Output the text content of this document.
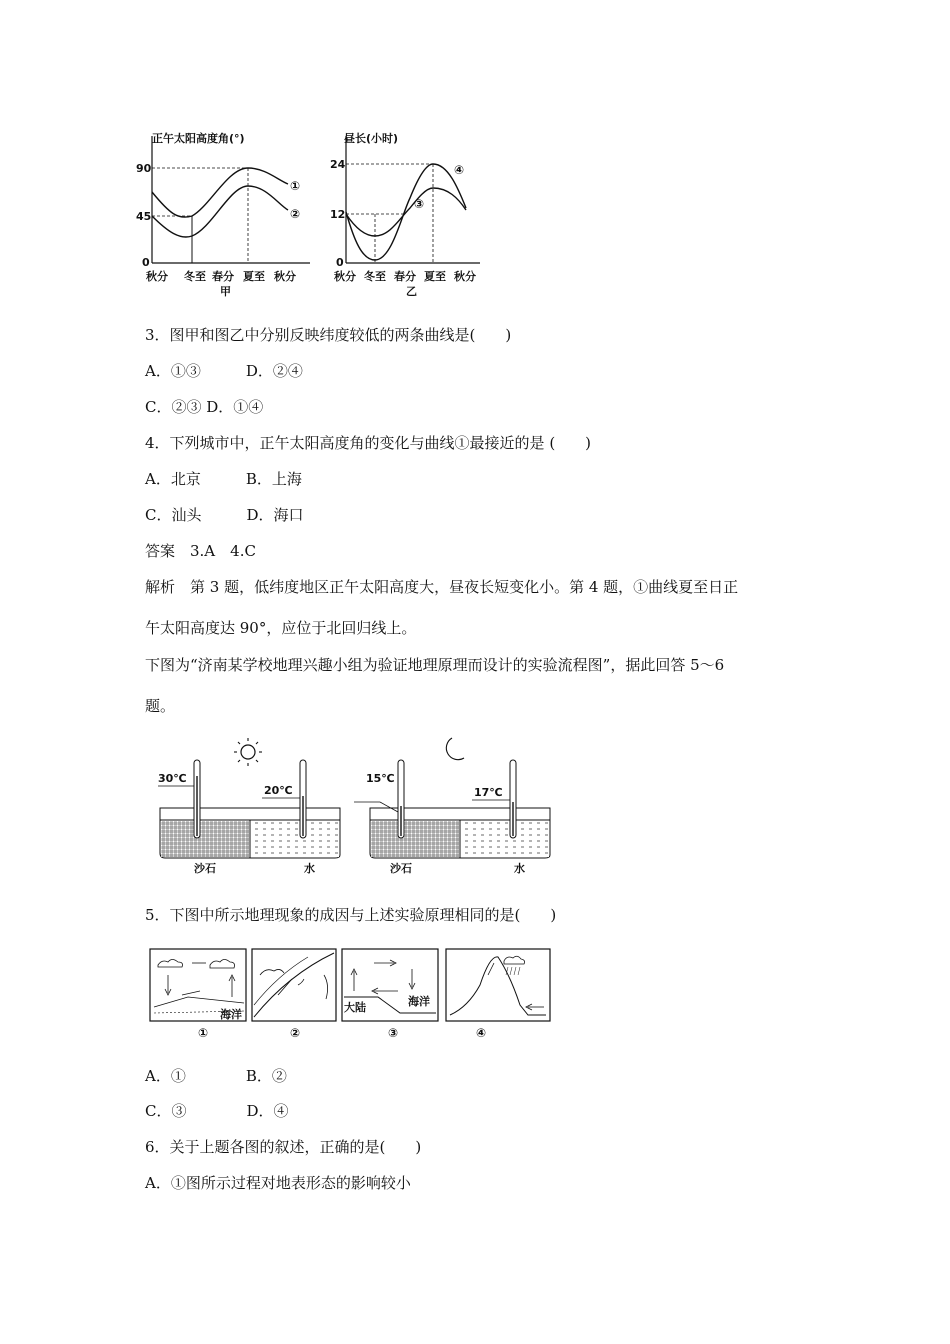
正午太阳高度角(°)
90
45
0
①
②
秋分 冬至 春分 夏至 秋分
甲
昼长(小时)
24
12
0
④
③
秋分 冬至 春分 夏至 秋分
乙
3．图甲和图乙中分别反映纬度较低的两条曲线是(　　)
A．①③　　　D．②④
C．②③ D．①④
4．下列城市中，正午太阳高度角的变化与曲线①最接近的是 (　　)
A．北京　　　B．上海
C．汕头　　　D．海口
答案　3.A　4.C
解析　第 3 题，低纬度地区正午太阳高度大，昼夜长短变化小。第 4 题，①曲线夏至日正
午太阳高度达 90°，应位于北回归线上。
下图为“济南某学校地理兴趣小组为验证地理原理而设计的实验流程图”，据此回答 5～6
题。
30℃
20℃
沙石	水
15℃
17℃
沙石	水
5．下图中所示地理现象的成因与上述实验原理相同的是(　　)
海洋
海洋
大陆
①	②	③	④
A．①　　　　B．②
C．③　　　　D．④
6．关于上题各图的叙述，正确的是(　　)
A．①图所示过程对地表形态的影响较小
